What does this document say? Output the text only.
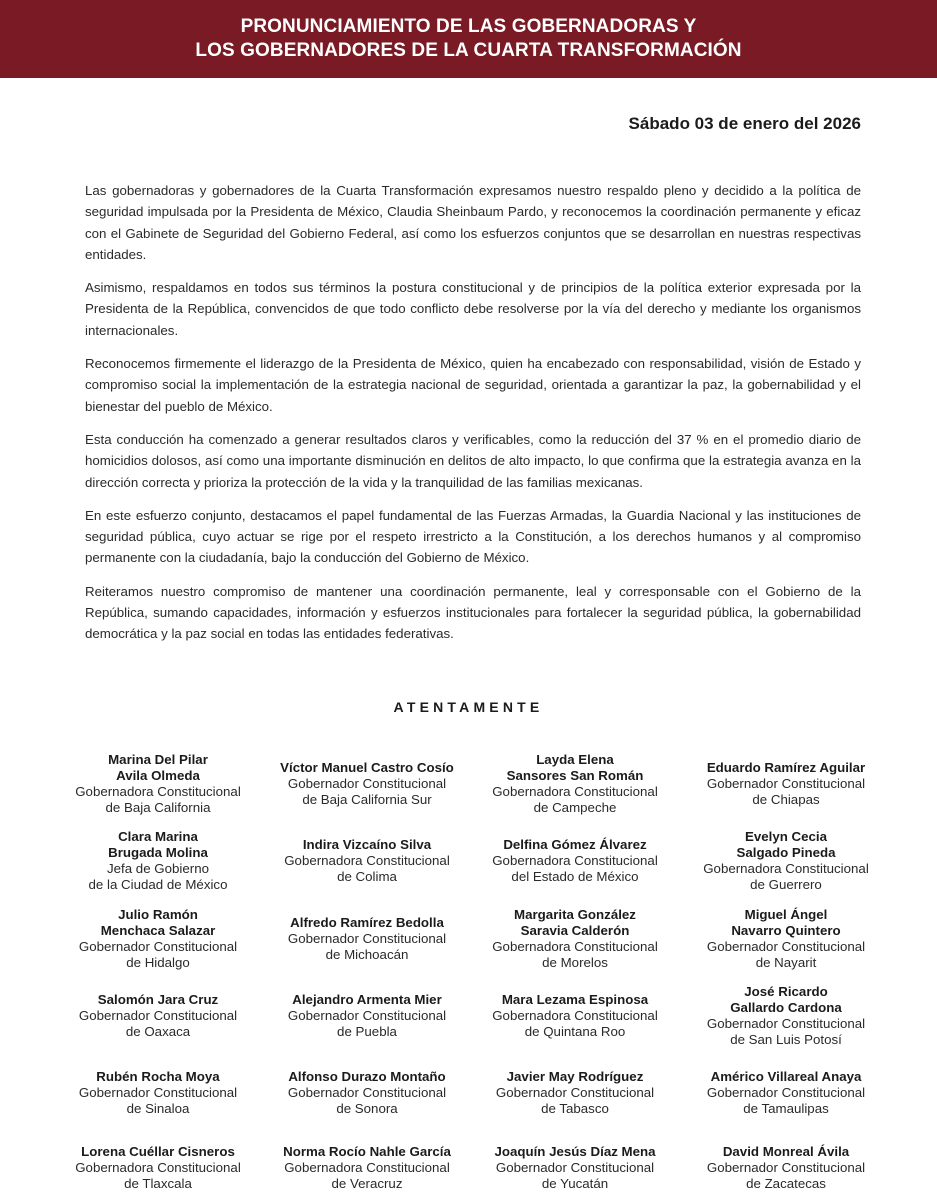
PRONUNCIAMIENTO DE LAS GOBERNADORAS Y
LOS GOBERNADORES DE LA CUARTA TRANSFORMACIÓN
Sábado 03 de enero del 2026

Las gobernadoras y gobernadores de la Cuarta Transformación expresamos nuestro respaldo pleno y decidido a la política de seguridad impulsada por la Presidenta de México, Claudia Sheinbaum Pardo, y reconocemos la coordinación permanente y eficaz con el Gabinete de Seguridad del Gobierno Federal, así como los esfuerzos conjuntos que se desarrollan en nuestras respectivas entidades.

Asimismo, respaldamos en todos sus términos la postura constitucional y de principios de la política exterior expresada por la Presidenta de la República, convencidos de que todo conflicto debe resolverse por la vía del derecho y mediante los organismos internacionales.

Reconocemos firmemente el liderazgo de la Presidenta de México, quien ha encabezado con responsabilidad, visión de Estado y compromiso social la implementación de la estrategia nacional de seguridad, orientada a garantizar la paz, la gobernabilidad y el bienestar del pueblo de México.

Esta conducción ha comenzado a generar resultados claros y verificables, como la reducción del 37 % en el promedio diario de homicidios dolosos, así como una importante disminución en delitos de alto impacto, lo que confirma que la estrategia avanza en la dirección correcta y prioriza la protección de la vida y la tranquilidad de las familias mexicanas.

En este esfuerzo conjunto, destacamos el papel fundamental de las Fuerzas Armadas, la Guardia Nacional y las instituciones de seguridad pública, cuyo actuar se rige por el respeto irrestricto a la Constitución, a los derechos humanos y al compromiso permanente con la ciudadanía, bajo la conducción del Gobierno de México.

Reiteramos nuestro compromiso de mantener una coordinación permanente, leal y corresponsable con el Gobierno de la República, sumando capacidades, información y esfuerzos institucionales para fortalecer la seguridad pública, la gobernabilidad democrática y la paz social en todas las entidades federativas.

ATENTAMENTE
Marina Del Pilar
Avila Olmeda
Gobernadora Constitucional
de Baja California
Víctor Manuel Castro Cosío
Gobernador Constitucional
de Baja California Sur
Layda Elena
Sansores San Román
Gobernadora Constitucional
de Campeche
Eduardo Ramírez Aguilar
Gobernador Constitucional
de Chiapas
Clara Marina
Brugada Molina
Jefa de Gobierno
de la Ciudad de México
Indira Vizcaíno Silva
Gobernadora Constitucional
de Colima
Delfina Gómez Álvarez
Gobernadora Constitucional
del Estado de México
Evelyn Cecia
Salgado Pineda
Gobernadora Constitucional
de Guerrero
Julio Ramón
Menchaca Salazar
Gobernador Constitucional
de Hidalgo
Alfredo Ramírez Bedolla
Gobernador Constitucional
de Michoacán
Margarita González
Saravia Calderón
Gobernadora Constitucional
de Morelos
Miguel Ángel
Navarro Quintero
Gobernador Constitucional
de Nayarit
Salomón Jara Cruz
Gobernador Constitucional
de Oaxaca
Alejandro Armenta Mier
Gobernador Constitucional
de Puebla
Mara Lezama Espinosa
Gobernadora Constitucional
de Quintana Roo
José Ricardo
Gallardo Cardona
Gobernador Constitucional
de San Luis Potosí
Rubén Rocha Moya
Gobernador Constitucional
de Sinaloa
Alfonso Durazo Montaño
Gobernador Constitucional
de Sonora
Javier May Rodríguez
Gobernador Constitucional
de Tabasco
Américo Villareal Anaya
Gobernador Constitucional
de Tamaulipas
Lorena Cuéllar Cisneros
Gobernadora Constitucional
de Tlaxcala
Norma Rocío Nahle García
Gobernadora Constitucional
de Veracruz
Joaquín Jesús Díaz Mena
Gobernador Constitucional
de Yucatán
David Monreal Ávila
Gobernador Constitucional
de Zacatecas
